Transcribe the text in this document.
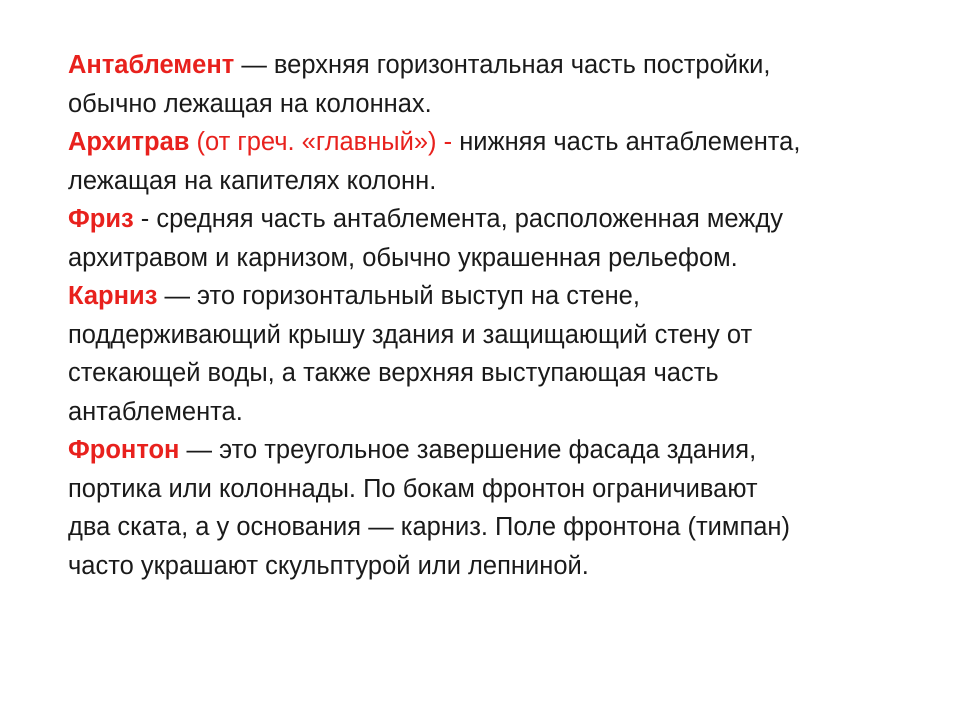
Антаблемент — верхняя горизонтальная часть постройки,
обычно лежащая на колоннах.
Архитрав (от греч. «главный») - нижняя часть антаблемента,
лежащая на капителях колонн.
Фриз - средняя часть антаблемента, расположенная между
архитравом и карнизом, обычно украшенная рельефом.
Карниз — это горизонтальный выступ на стене,
поддерживающий крышу здания и защищающий стену от
стекающей воды, а также верхняя выступающая часть
антаблемента.
Фронтон — это треугольное завершение фасада здания,
портика или колоннады. По бокам фронтон ограничивают
два ската, а у основания — карниз. Поле фронтона (тимпан)
часто украшают скульптурой или лепниной.
